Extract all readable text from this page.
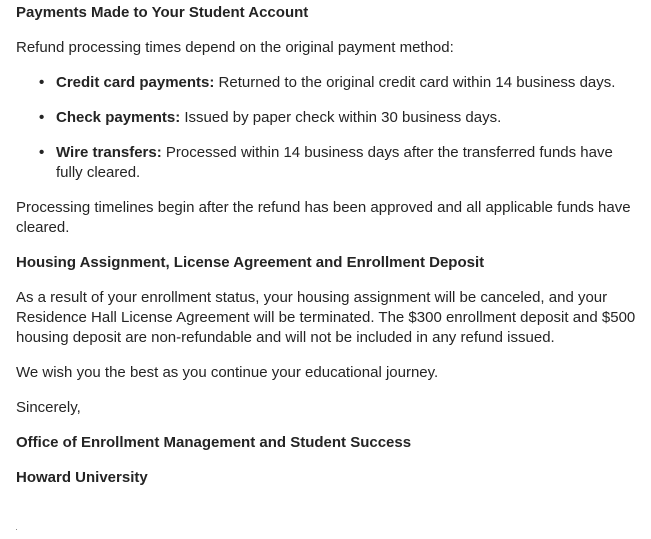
Payments Made to Your Student Account
Refund processing times depend on the original payment method:
• Credit card payments: Returned to the original credit card within 14 business days.
• Check payments: Issued by paper check within 30 business days.
• Wire transfers: Processed within 14 business days after the transferred funds have fully cleared.
Processing timelines begin after the refund has been approved and all applicable funds have cleared.
Housing Assignment, License Agreement and Enrollment Deposit
As a result of your enrollment status, your housing assignment will be canceled, and your Residence Hall License Agreement will be terminated. The $300 enrollment deposit and $500 housing deposit are non-refundable and will not be included in any refund issued.
We wish you the best as you continue your educational journey.
Sincerely,
Office of Enrollment Management and Student Success
Howard University
